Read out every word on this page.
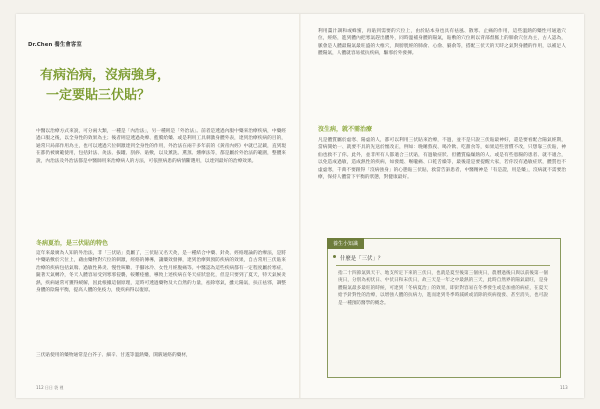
Dr.Chen 養生會客室
有病治病，沒病強身，
一定要貼三伏貼？
中醫以治療方式來說，可分兩大類，一種是「內治法」，另一種則是「外治法」。前者是透過內服中藥來治療疾病，中藥經過口服之後，以全身性的效果為主；後者則是透過灸療、藍膜給藥、或是利用工具刺激身體外表，達到治療疾病的目的，通常只局部作用為主，也可以透過穴位刺激達到全身性的作用，外治法在兩千多年前的《黃帝內經》中就已記載，直到現在都仍被廣範使用，包括針法、灸法、拔罐、刮痧、貼敷，以及薰洗、熏蒸、燻療法等，都是屬於外治法的範圍，整體來說，內治法及外治法都是中醫師用來治療病人的方法，可依照病患的病情斷選用，以達到最好的治療效果。
冬病夏治，是三伏貼的特色
這年來最廣為人知的外治法，非「三伏貼」莫屬了，三伏貼又名天灸，是一種結合中藥、針灸、經絡理論的治療法，是將中藥貼敷於穴位上，藉由藥物對穴位的刺激，經絡的傳導，讓藥效發揮，達到治療與預防疾病的效果，自古常用三伏貼來治療的疾病包括氣喘、過敏性鼻炎、慢性咳嗽、手腳冰冷、女性月經腹痛等。中醫認為這些疾病都有一定程度屬於寒症，隨著天氣轉冷，冬天人體容易受到寒邪侵襲，較難痊癒，導致上述疾病在冬天症狀惡化，但是只要到了夏天，特天氣候炎熱，疾病通常可獲得緩解，因此根據這個原理，這時可透過藥物及大自然的力量，祛除寒氣，雖元陽氣，扶正祛邪，調整身體的陰陽平衡，提高人體的免疫力，使疾病得以復原。
三伏貼使用的藥物通常是白芥子、細辛、甘遂等溫熱藥，開竅通絡的藥材，
112 日日 袋 裡
利用薑汁調和或蜂蜜，再貼到需要的穴位上，由於貼本身也具有祛風、散寒、止痛的作用，這些溫熱的藥性可通過穴位，經絡，進到體內把寒氣趕出體外，同時溫補身體的陽氣，貼敷的穴位則以背部督脈上的肺俞穴位為主，古人認為，脈會是人體最陽氣最旺盛的大椎穴，與膀胱經的肺俞、心俞、膈俞等，搭配三伏天的天時之氣對身體的作用，以補足人體陽氣，人體就容易抵抗疾病，驅邪於外發揮。
沒生病，就不需治療
凡是體質屬於虛寒、陽虛的人，都可以利用三伏貼來治療，不過，並不是只說三伏貼最神好，還是要看配合陽氣經期，當病開始一、就要不具的先送於懷改正，例如：晚睡熬夜、喝冷飲、吃甜食等，如果這些習慣不改，只想靠三伏貼，神仙也救不了你。此外，並非所有人都適合三伏貼，有過敏症狀、但體質偏燥熱的人、或是有些患腸的患者、就不適合，以免造成過敏，造成熱性的疾病，如發燒、喉嚨痛、口乾舌燥等，最後還是要提醒大家，若你沒有過敏症狀，體質也不虛虛寒，千萬不要跟得「沒病強身」的心態貼三伏貼，救當告訴患者，中醫精神是「有是證，用是藥」，沒病就不需要治療，保持人體當下平衡的狀態，對健康最好。
養生小知識
什麼是「三伏」？
指二十四節氣與天干、地支所定下來的三伏日，也就是夏至後第三個庚日，農曆過後日與以前後第一個庚日，分別為初伏日、中伏日和末伏日，故三天是一年之中最熱的三天，此時自然界的陽氣最旺，是身體陽氣最多最旺的時候，可達到「冬病夏治」的效果，即針對容易在冬季發生或是加重的病症，在夏天給予針對性的治療，以增強人體的抗病力，進而達到冬季時減緩或消除的疾病復發、甚至消失，也可說是一種預防醫學的概念。
113
